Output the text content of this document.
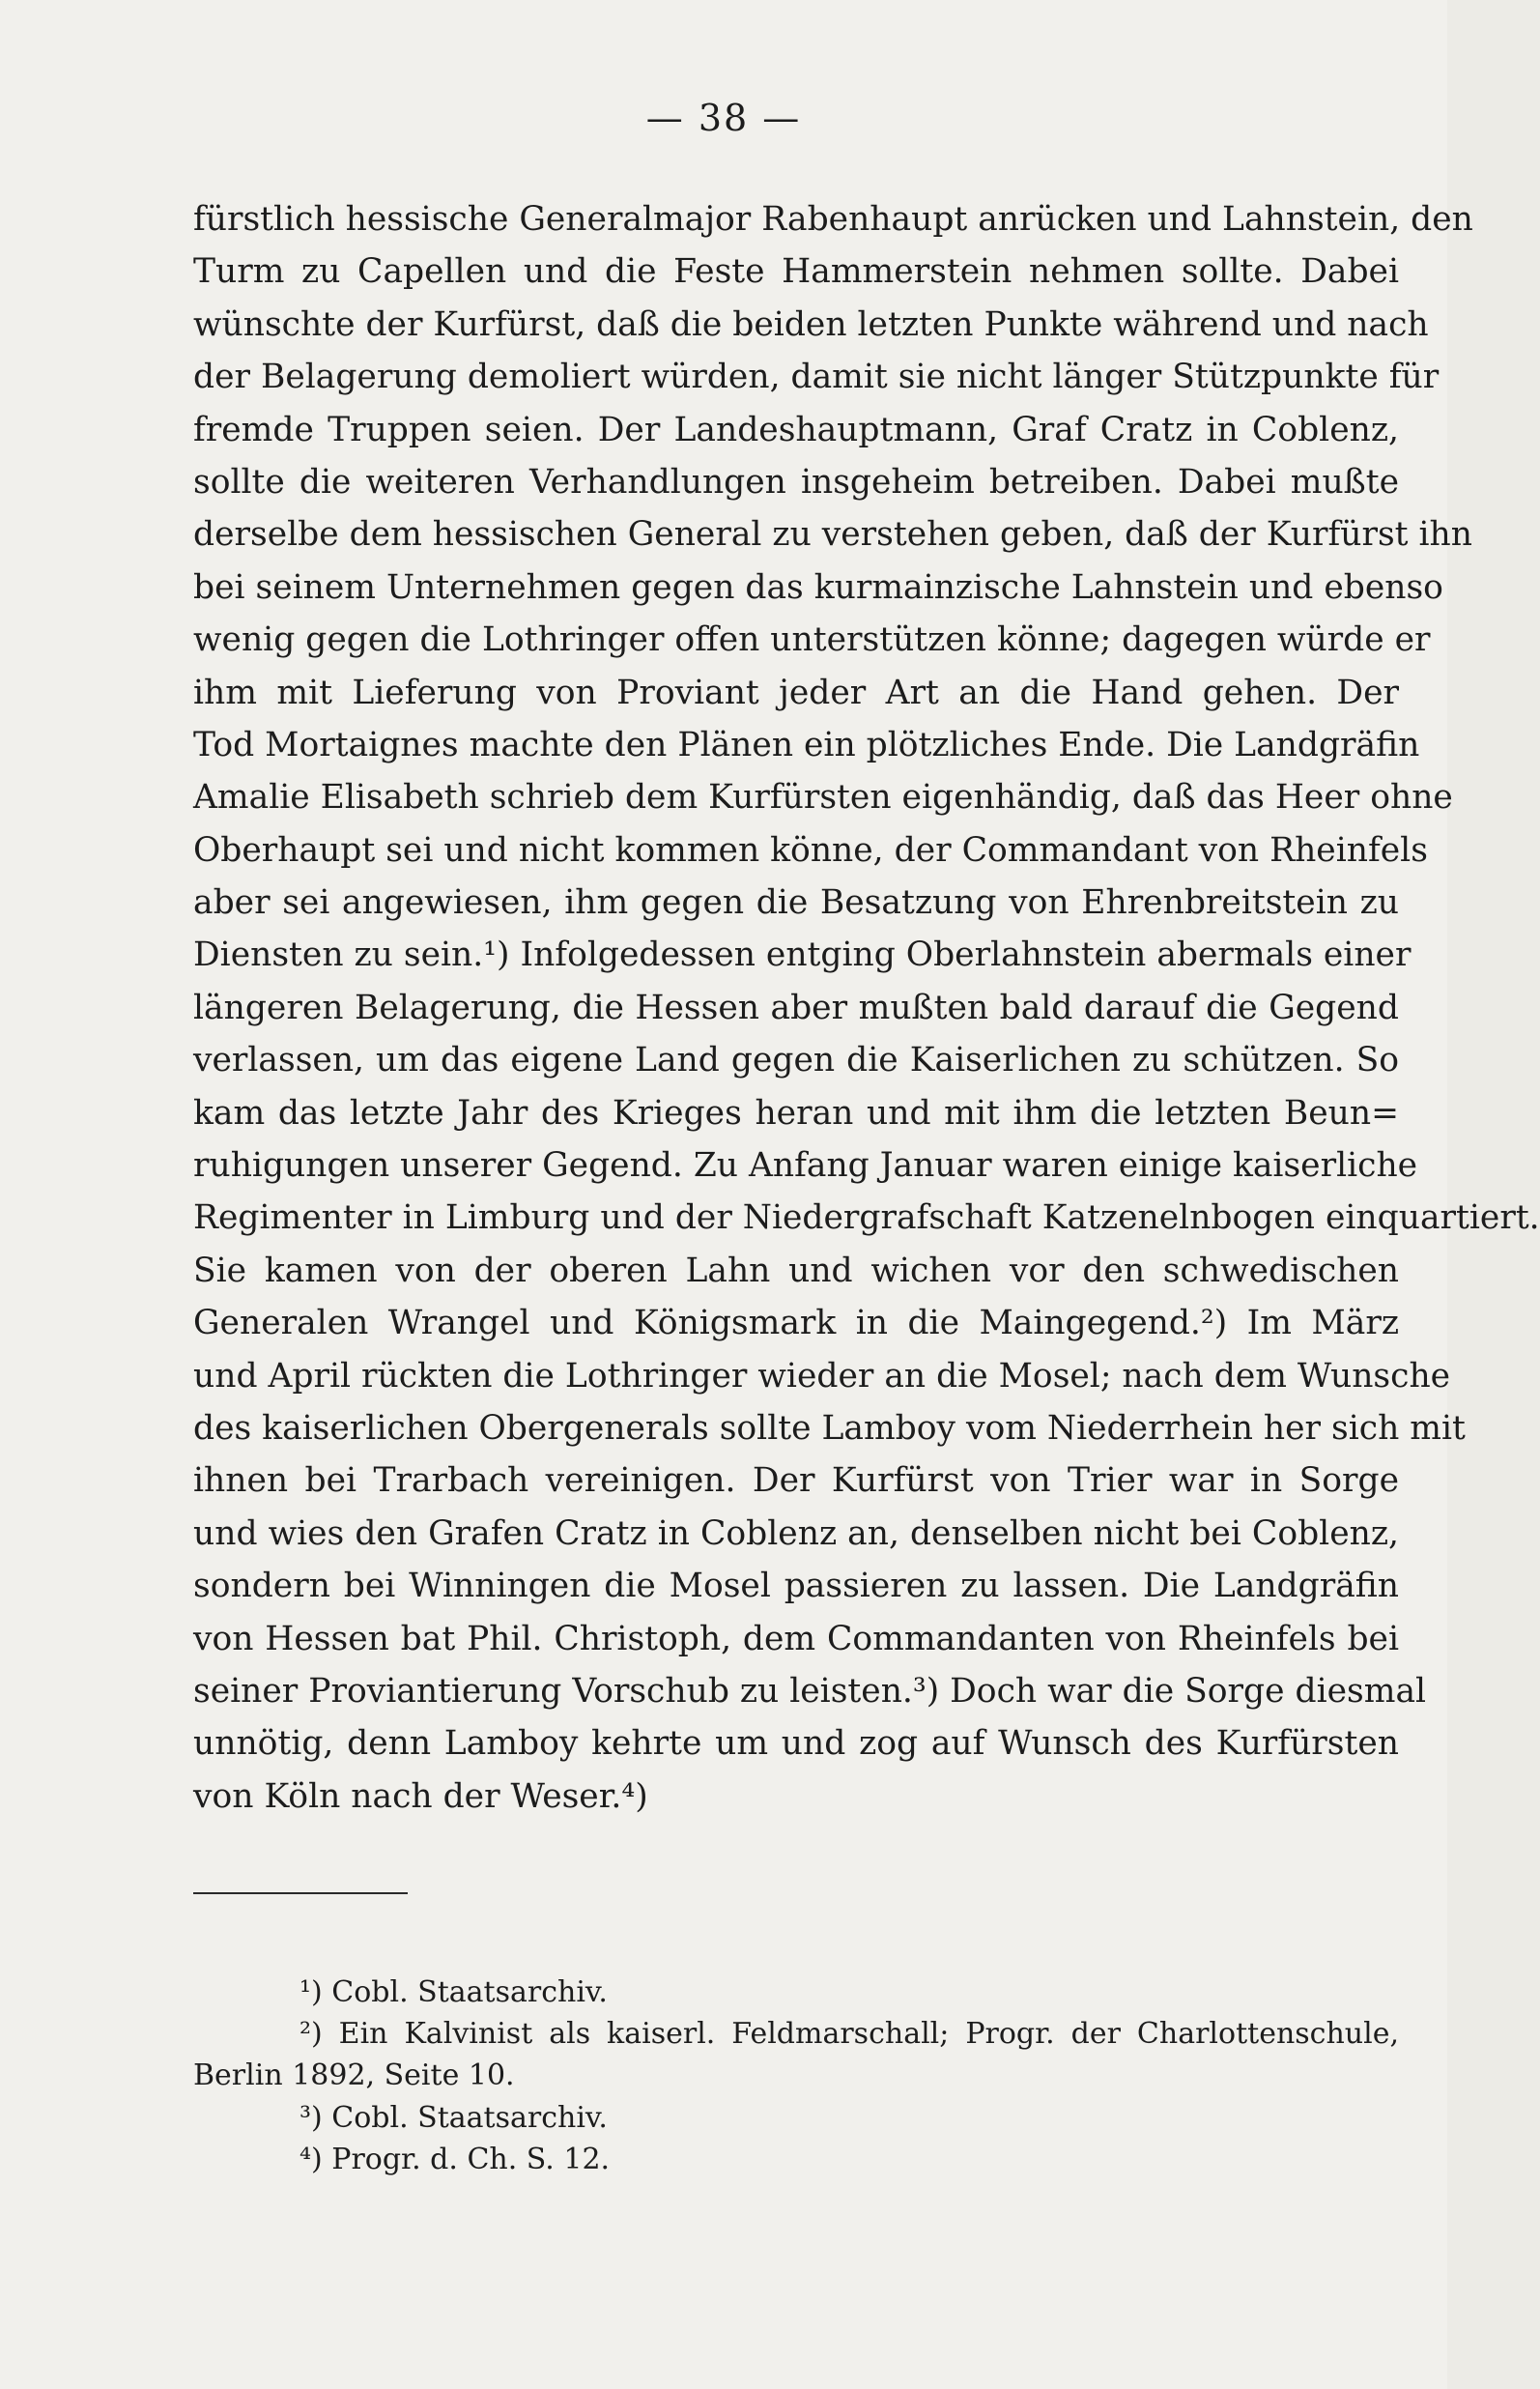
— 38 —
fürstlich hessische Generalmajor Rabenhaupt anrücken und Lahnstein, den
Turm zu Capellen und die Feste Hammerstein nehmen sollte. Dabei
wünschte der Kurfürst, daß die beiden letzten Punkte während und nach
der Belagerung demoliert würden, damit sie nicht länger Stützpunkte für
fremde Truppen seien. Der Landeshauptmann, Graf Cratz in Coblenz,
sollte die weiteren Verhandlungen insgeheim betreiben. Dabei mußte
derselbe dem hessischen General zu verstehen geben, daß der Kurfürst ihn
bei seinem Unternehmen gegen das kurmainzische Lahnstein und ebenso
wenig gegen die Lothringer offen unterstützen könne; dagegen würde er
ihm mit Lieferung von Proviant jeder Art an die Hand gehen. Der
Tod Mortaignes machte den Plänen ein plötzliches Ende. Die Landgräfin
Amalie Elisabeth schrieb dem Kurfürsten eigenhändig, daß das Heer ohne
Oberhaupt sei und nicht kommen könne, der Commandant von Rheinfels
aber sei angewiesen, ihm gegen die Besatzung von Ehrenbreitstein zu
Diensten zu sein.¹) Infolgedessen entging Oberlahnstein abermals einer
längeren Belagerung, die Hessen aber mußten bald darauf die Gegend
verlassen, um das eigene Land gegen die Kaiserlichen zu schützen. So
kam das letzte Jahr des Krieges heran und mit ihm die letzten Beun=
ruhigungen unserer Gegend. Zu Anfang Januar waren einige kaiserliche
Regimenter in Limburg und der Niedergrafschaft Katzenelnbogen einquartiert.
Sie kamen von der oberen Lahn und wichen vor den schwedischen
Generalen Wrangel und Königsmark in die Maingegend.²) Im März
und April rückten die Lothringer wieder an die Mosel; nach dem Wunsche
des kaiserlichen Obergenerals sollte Lamboy vom Niederrhein her sich mit
ihnen bei Trarbach vereinigen. Der Kurfürst von Trier war in Sorge
und wies den Grafen Cratz in Coblenz an, denselben nicht bei Coblenz,
sondern bei Winningen die Mosel passieren zu lassen. Die Landgräfin
von Hessen bat Phil. Christoph, dem Commandanten von Rheinfels bei
seiner Proviantierung Vorschub zu leisten.³) Doch war die Sorge diesmal
unnötig, denn Lamboy kehrte um und zog auf Wunsch des Kurfürsten
von Köln nach der Weser.⁴)
¹) Cobl. Staatsarchiv.
²) Ein Kalvinist als kaiserl. Feldmarschall; Progr. der Charlottenschule,
Berlin 1892, Seite 10.
³) Cobl. Staatsarchiv.
⁴) Progr. d. Ch. S. 12.
